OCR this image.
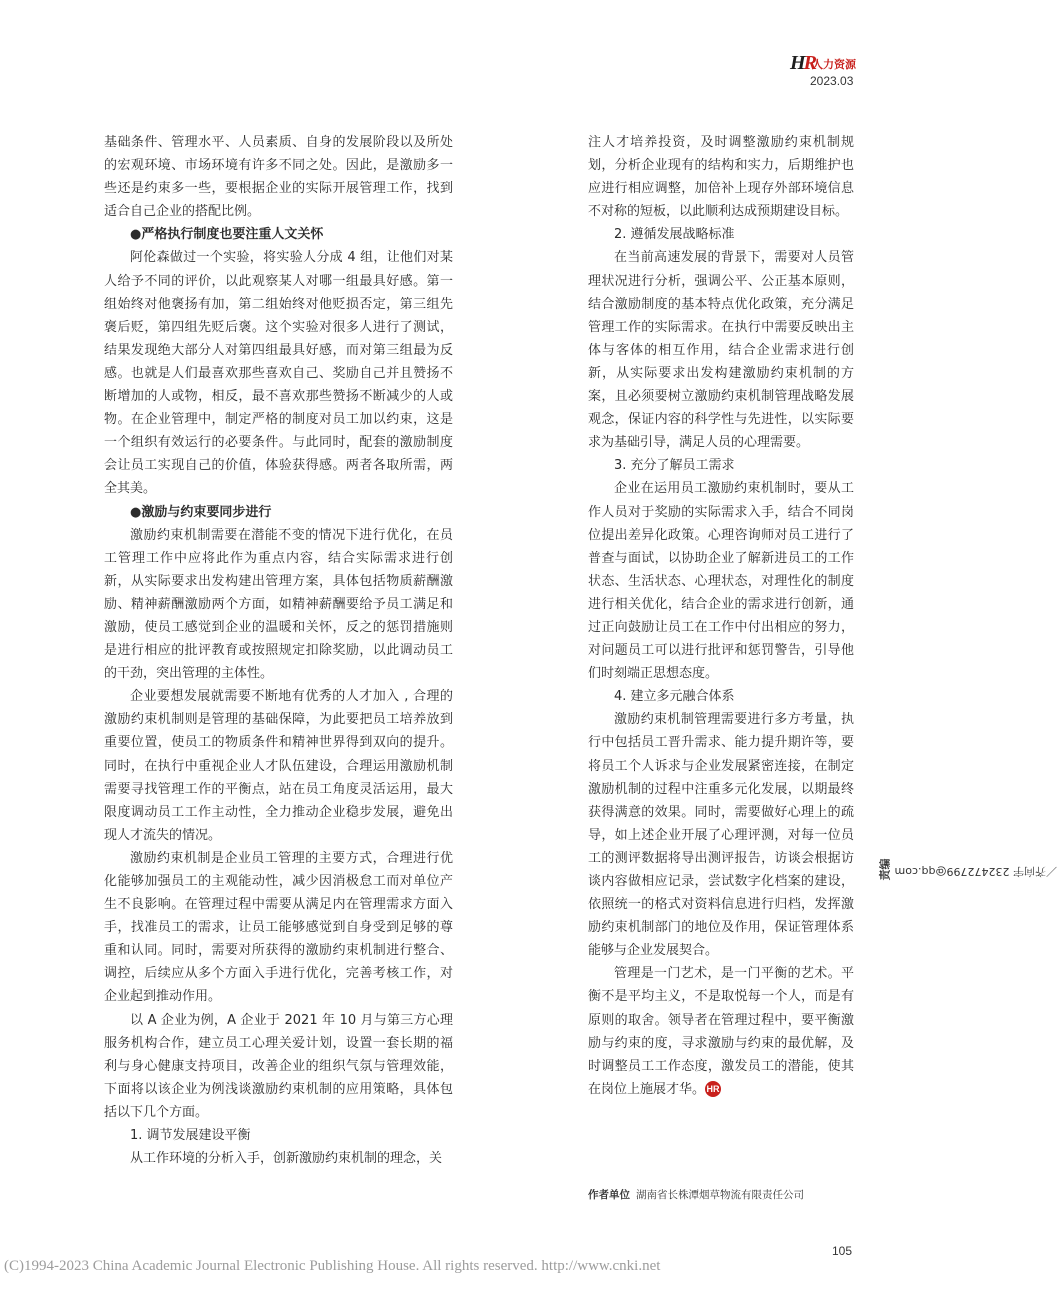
HR
人力资源
2023.03

基础条件、管理水平、人员素质、自身的发展阶段以及所处的宏观环境、市场环境有许多不同之处。因此，是激励多一些还是约束多一些，要根据企业的实际开展管理工作，找到适合自己企业的搭配比例。

●严格执行制度也要注重人文关怀

阿伦森做过一个实验，将实验人分成 4 组，让他们对某人给予不同的评价，以此观察某人对哪一组最具好感。第一组始终对他褒扬有加，第二组始终对他贬损否定，第三组先褒后贬，第四组先贬后褒。这个实验对很多人进行了测试，结果发现绝大部分人对第四组最具好感，而对第三组最为反感。也就是人们最喜欢那些喜欢自己、奖励自己并且赞扬不断增加的人或物，相反，最不喜欢那些赞扬不断减少的人或物。在企业管理中，制定严格的制度对员工加以约束，这是一个组织有效运行的必要条件。与此同时，配套的激励制度会让员工实现自己的价值，体验获得感。两者各取所需，两全其美。

●激励与约束要同步进行

激励约束机制需要在潜能不变的情况下进行优化，在员工管理工作中应将此作为重点内容，结合实际需求进行创新，从实际要求出发构建出管理方案，具体包括物质薪酬激励、精神薪酬激励两个方面，如精神薪酬要给予员工满足和激励，使员工感觉到企业的温暖和关怀，反之的惩罚措施则是进行相应的批评教育或按照规定扣除奖励，以此调动员工的干劲，突出管理的主体性。

企业要想发展就需要不断地有优秀的人才加入 , 合理的激励约束机制则是管理的基础保障，为此要把员工培养放到重要位置，使员工的物质条件和精神世界得到双向的提升。同时，在执行中重视企业人才队伍建设，合理运用激励机制需要寻找管理工作的平衡点，站在员工角度灵活运用，最大限度调动员工工作主动性，全力推动企业稳步发展，避免出现人才流失的情况。

激励约束机制是企业员工管理的主要方式，合理进行优化能够加强员工的主观能动性，减少因消极怠工而对单位产生不良影响。在管理过程中需要从满足内在管理需求方面入手，找准员工的需求，让员工能够感觉到自身受到足够的尊重和认同。同时，需要对所获得的激励约束机制进行整合、调控，后续应从多个方面入手进行优化，完善考核工作，对企业起到推动作用。

以 A 企业为例，A 企业于 2021 年 10 月与第三方心理服务机构合作，建立员工心理关爱计划，设置一套长期的福利与身心健康支持项目，改善企业的组织气氛与管理效能，下面将以该企业为例浅谈激励约束机制的应用策略，具体包括以下几个方面。

1. 调节发展建设平衡

从工作环境的分析入手，创新激励约束机制的理念，关

注人才培养投资，及时调整激励约束机制规划，分析企业现有的结构和实力，后期维护也应进行相应调整，加倍补上现存外部环境信息不对称的短板，以此顺利达成预期建设目标。

2. 遵循发展战略标准

在当前高速发展的背景下，需要对人员管理状况进行分析，强调公平、公正基本原则，结合激励制度的基本特点优化政策，充分满足管理工作的实际需求。在执行中需要反映出主体与客体的相互作用，结合企业需求进行创新，从实际要求出发构建激励约束机制的方案，且必须要树立激励约束机制管理战略发展观念，保证内容的科学性与先进性，以实际要求为基础引导，满足人员的心理需要。

3. 充分了解员工需求

企业在运用员工激励约束机制时，要从工作人员对于奖励的实际需求入手，结合不同岗位提出差异化政策。心理咨询师对员工进行了普查与面试，以协助企业了解新进员工的工作状态、生活状态、心理状态，对理性化的制度进行相关优化，结合企业的需求进行创新，通过正向鼓励让员工在工作中付出相应的努力，对问题员工可以进行批评和惩罚警告，引导他们时刻端正思想态度。

4. 建立多元融合体系

激励约束机制管理需要进行多方考量，执行中包括员工晋升需求、能力提升期许等，要将员工个人诉求与企业发展紧密连接，在制定激励机制的过程中注重多元化发展，以期最终获得满意的效果。同时，需要做好心理上的疏导，如上述企业开展了心理评测，对每一位员工的测评数据将导出测评报告，访谈会根据访谈内容做相应记录，尝试数字化档案的建设，依照统一的格式对资料信息进行归档，发挥激励约束机制部门的地位及作用，保证管理体系能够与企业发展契合。

管理是一门艺术，是一门平衡的艺术。平衡不是平均主义，不是取悦每一个人，而是有原则的取舍。领导者在管理过程中，要平衡激励与约束的度，寻求激励与约束的最优解，及时调整员工工作态度，激发员工的潜能，使其在岗位上施展才华。 HR

作者单位 湖南省长株潭烟草物流有限责任公司
责编 ／齐向宇 232472799@qq.com
105
(C)1994-2023 China Academic Journal Electronic Publishing House. All rights reserved. http://www.cnki.net
